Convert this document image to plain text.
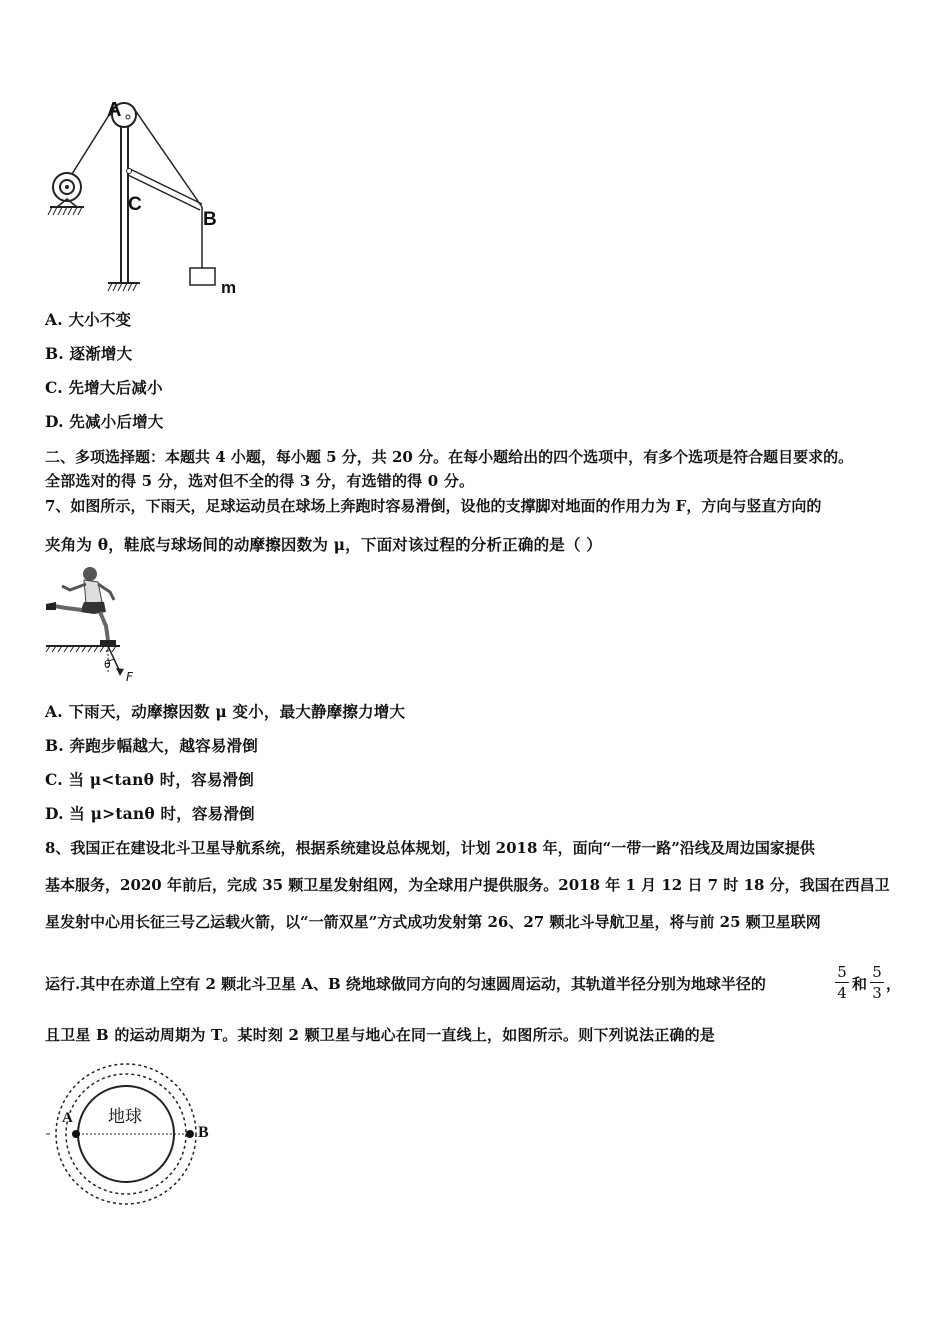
A
C
B
m
A. 大小不变
B. 逐渐增大
C. 先增大后减小
D. 先减小后增大
二、多项选择题：本题共 4 小题，每小题 5 分，共 20 分。在每小题给出的四个选项中，有多个选项是符合题目要求的。
全部选对的得 5 分，选对但不全的得 3 分，有选错的得 0 分。
7、如图所示，下雨天，足球运动员在球场上奔跑时容易滑倒，设他的支撑脚对地面的作用力为 F，方向与竖直方向的
夹角为 θ，鞋底与球场间的动摩擦因数为 μ，下面对该过程的分析正确的是（ ）
θ
F
A. 下雨天，动摩擦因数 μ 变小，最大静摩擦力增大
B. 奔跑步幅越大，越容易滑倒
C. 当 μ<tanθ 时，容易滑倒
D. 当 μ>tanθ 时，容易滑倒
8、我国正在建设北斗卫星导航系统，根据系统建设总体规划，计划 2018 年，面向“一带一路”沿线及周边国家提供
基本服务，2020 年前后，完成 35 颗卫星发射组网，为全球用户提供服务。2018 年 1 月 12 日 7 时 18 分，我国在西昌卫
星发射中心用长征三号乙运载火箭，以“一箭双星”方式成功发射第 26、27 颗北斗导航卫星，将与前 25 颗卫星联网
运行.其中在赤道上空有 2 颗北斗卫星 A、B 绕地球做同方向的匀速圆周运动，其轨道半径分别为地球半径的
5
4 和
5
3 ，
且卫星 B 的运动周期为 T。某时刻 2 颗卫星与地心在同一直线上，如图所示。则下列说法正确的是
地球
A
B
